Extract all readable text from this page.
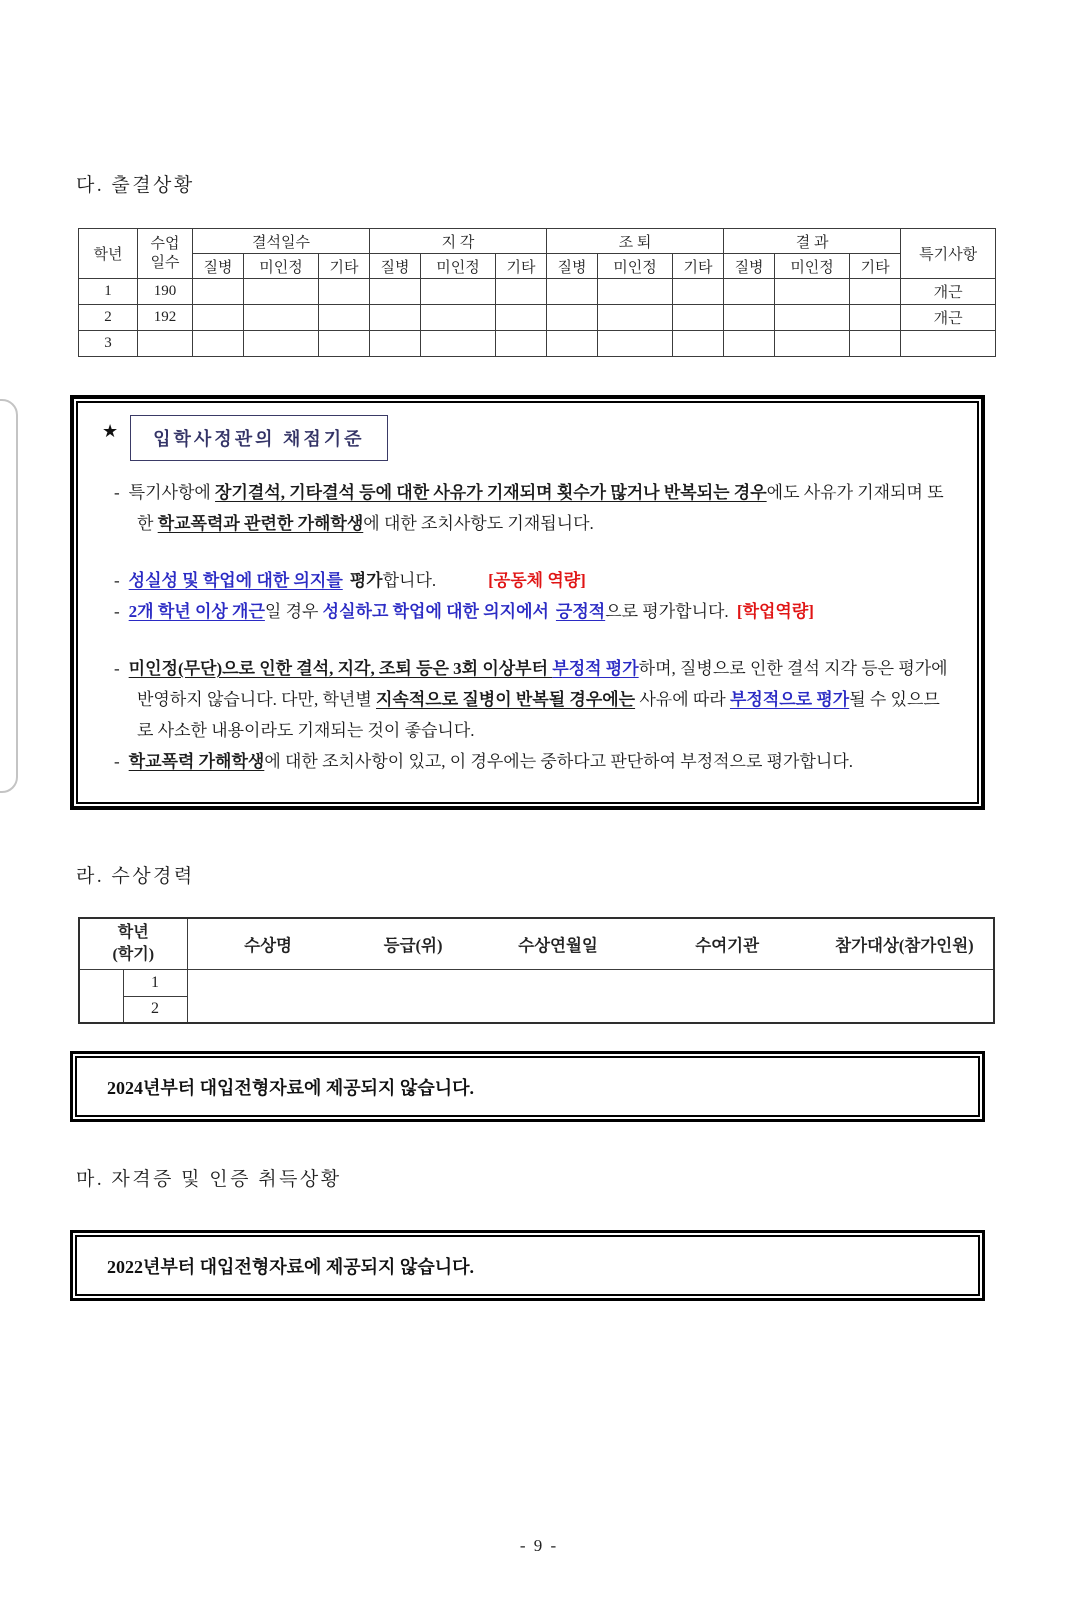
다. 출결상황
학년	수업
일수	결석일수			지 각			조 퇴			결 과			특기사항
		질병	미인정	기타	질병	미인정	기타	질병	미인정	기타	질병	미인정	기타	
1	190													개근
2	192													개근
3														
★	입학사정관의 채점기준
- 특기사항에 장기결석, 기타결석 등에 대한 사유가 기재되며 횟수가 많거나 반복되는 경우에도 사유가 기재되며 또한 학교폭력과 관련한 가해학생에 대한 조치사항도 기재됩니다.
- 성실성 및 학업에 대한 의지를 평가합니다.	[공동체 역량]
- 2개 학년 이상 개근일 경우 성실하고 학업에 대한 의지에서 긍정적으로 평가합니다. [학업역량]
- 미인정(무단)으로 인한 결석, 지각, 조퇴 등은 3회 이상부터 부정적 평가하며, 질병으로 인한 결석 지각 등은 평가에 반영하지 않습니다. 다만, 학년별 지속적으로 질병이 반복될 경우에는 사유에 따라 부정적으로 평가될 수 있으므로 사소한 내용이라도 기재되는 것이 좋습니다.
- 학교폭력 가해학생에 대한 조치사항이 있고, 이 경우에는 중하다고 판단하여 부정적으로 평가합니다.
라. 수상경력
학년
(학기)		수상명 등급(위) 수상연월일 수여기관 참가대상(참가인원)

	1	
	2	
2024년부터 대입전형자료에 제공되지 않습니다.
마. 자격증 및 인증 취득상황
2022년부터 대입전형자료에 제공되지 않습니다.
- 9 -
